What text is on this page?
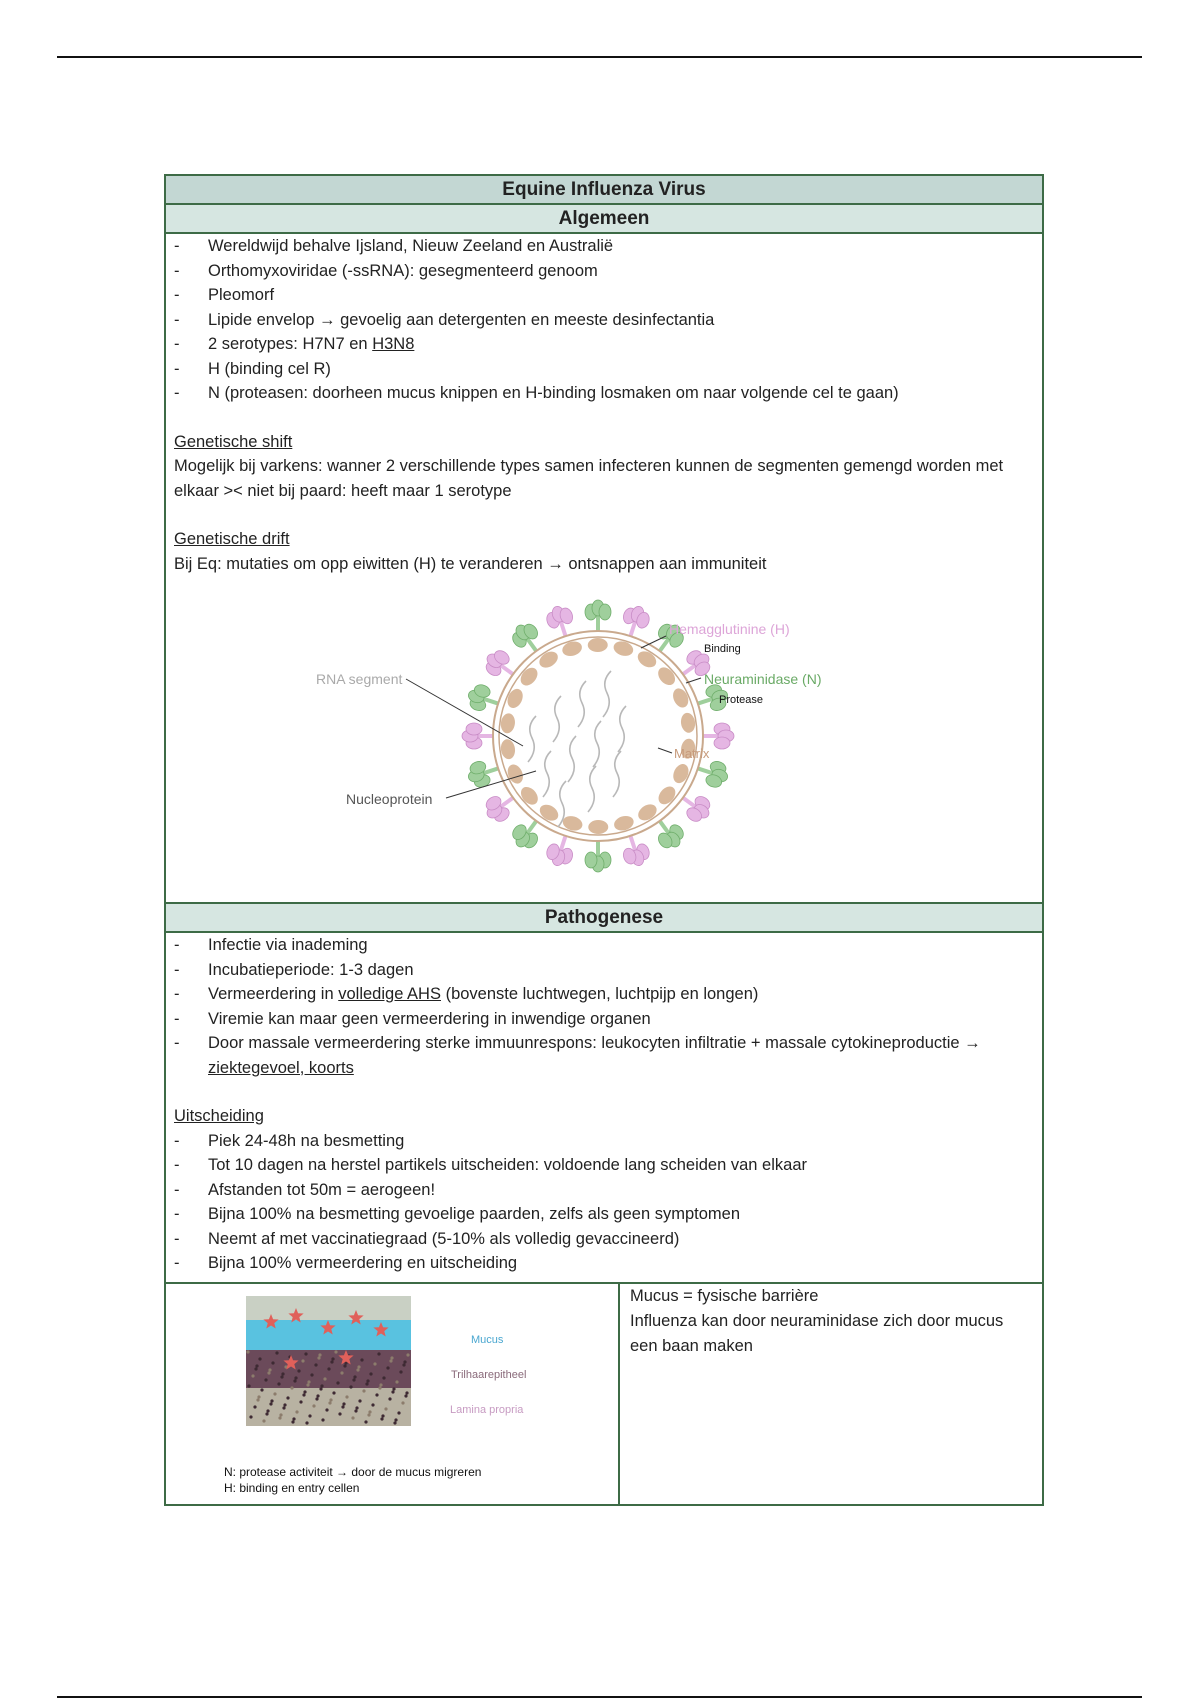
Equine Influenza Virus
Algemeen
- Wereldwijd behalve Ijsland, Nieuw Zeeland en Australië
- Orthomyxoviridae (-ssRNA): gesegmenteerd genoom
- Pleomorf
- Lipide envelop → gevoelig aan detergenten en meeste desinfectantia
- 2 serotypes: H7N7 en H3N8
- H (binding cel R)
- N (proteasen: doorheen mucus knippen en H-binding losmaken om naar volgende cel te gaan)
Genetische shift
Mogelijk bij varkens: wanner 2 verschillende types samen infecteren kunnen de segmenten gemengd worden met elkaar >< niet bij paard: heeft maar 1 serotype
Genetische drift
Bij Eq: mutaties om opp eiwitten (H) te veranderen → ontsnappen aan immuniteit
RNA segment
Nucleoprotein
Hemagglutinine (H)
Binding
Neuraminidase (N)
Protease
Matrix
Pathogenese
- Infectie via inademing
- Incubatieperiode: 1-3 dagen
- Vermeerdering in volledige AHS (bovenste luchtwegen, luchtpijp en longen)
- Viremie kan maar geen vermeerdering in inwendige organen
- Door massale vermeerdering sterke immuunrespons: leukocyten infiltratie + massale cytokineproductie → ziektegevoel, koorts
Uitscheiding
- Piek 24-48h na besmetting
- Tot 10 dagen na herstel partikels uitscheiden: voldoende lang scheiden van elkaar
- Afstanden tot 50m = aerogeen!
- Bijna 100% na besmetting gevoelige paarden, zelfs als geen symptomen
- Neemt af met vaccinatiegraad (5-10% als volledig gevaccineerd)
- Bijna 100% vermeerdering en uitscheiding
Mucus
Trilhaarepitheel
Lamina propria
N: protease activiteit → door de mucus migreren
H: binding en entry cellen
Mucus = fysische barrière
Influenza kan door neuraminidase zich door mucus een baan maken
